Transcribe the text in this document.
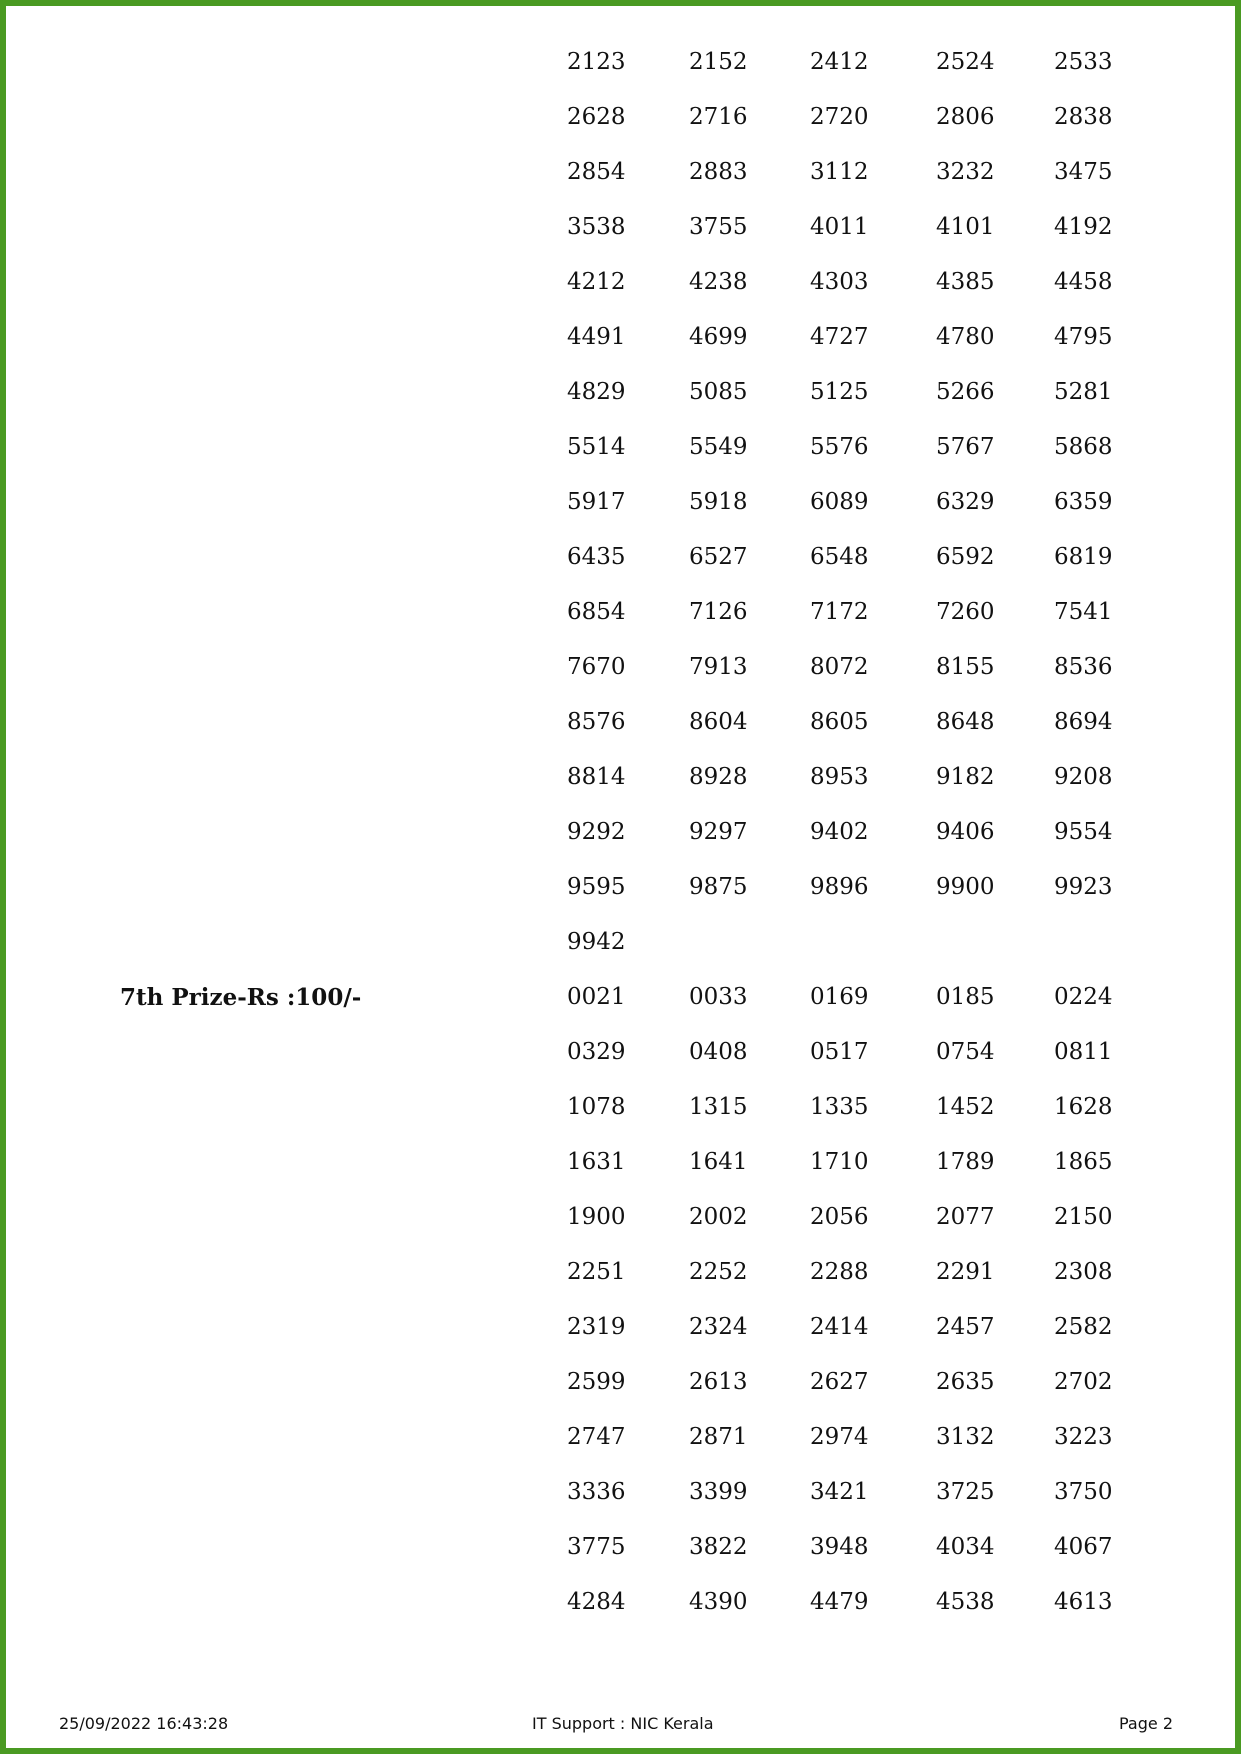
2123	2152	2412	2524	2533
2628	2716	2720	2806	2838
2854	2883	3112	3232	3475
3538	3755	4011	4101	4192
4212	4238	4303	4385	4458
4491	4699	4727	4780	4795
4829	5085	5125	5266	5281
5514	5549	5576	5767	5868
5917	5918	6089	6329	6359
6435	6527	6548	6592	6819
6854	7126	7172	7260	7541
7670	7913	8072	8155	8536
8576	8604	8605	8648	8694
8814	8928	8953	9182	9208
9292	9297	9402	9406	9554
9595	9875	9896	9900	9923
9942
7th Prize-Rs :100/-	0021	0033	0169	0185	0224
0329	0408	0517	0754	0811
1078	1315	1335	1452	1628
1631	1641	1710	1789	1865
1900	2002	2056	2077	2150
2251	2252	2288	2291	2308
2319	2324	2414	2457	2582
2599	2613	2627	2635	2702
2747	2871	2974	3132	3223
3336	3399	3421	3725	3750
3775	3822	3948	4034	4067
4284	4390	4479	4538	4613
25/09/2022 16:43:28	IT Support : NIC Kerala	Page 2
